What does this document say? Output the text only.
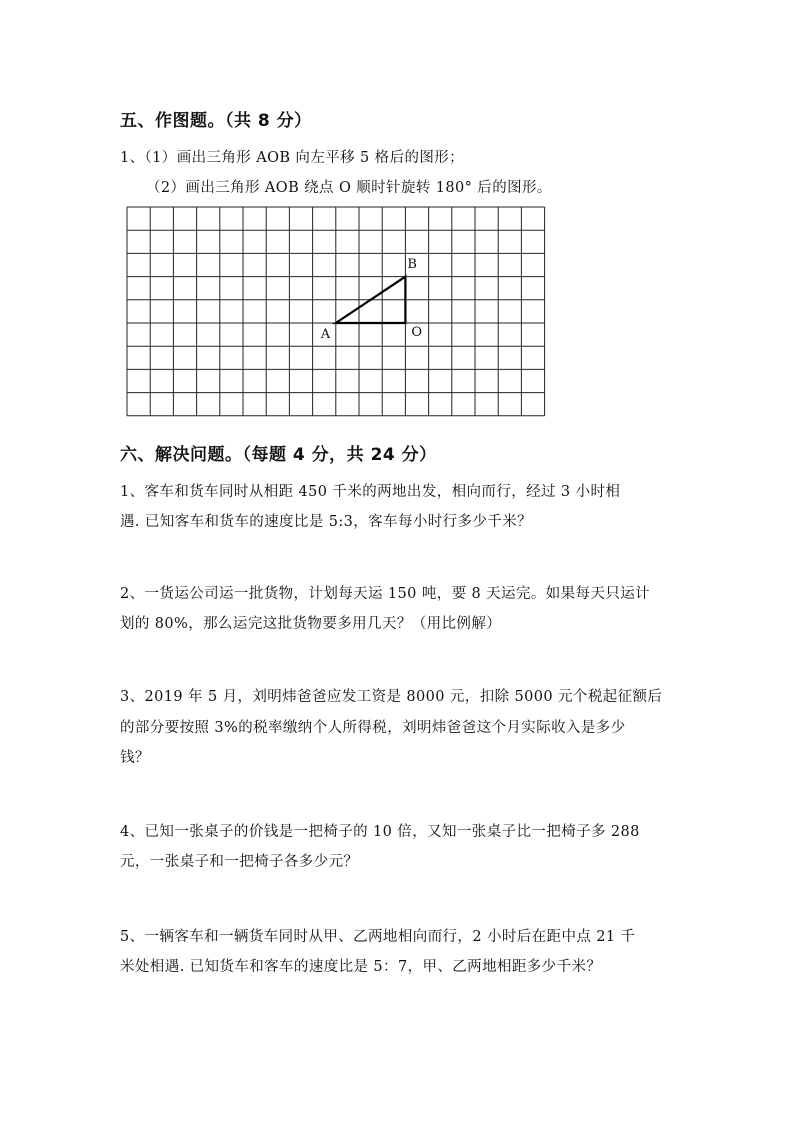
五、作图题。（共 8 分）
1、（1）画出三角形 AOB 向左平移 5 格后的图形；
（2）画出三角形 AOB 绕点 O 顺时针旋转 180° 后的图形。
A	O
B
六、解决问题。（每题 4 分，共 24 分）
1、客车和货车同时从相距 450 千米的两地出发，相向而行，经过 3 小时相
遇. 已知客车和货车的速度比是 5:3，客车每小时行多少千米？
2、一货运公司运一批货物，计划每天运 150 吨，要 8 天运完。如果每天只运计
划的 80%，那么运完这批货物要多用几天？（用比例解）
3、2019 年 5 月，刘明炜爸爸应发工资是 8000 元，扣除 5000 元个税起征额后
的部分要按照 3%的税率缴纳个人所得税，刘明炜爸爸这个月实际收入是多少
钱？
4、已知一张桌子的价钱是一把椅子的 10 倍，又知一张桌子比一把椅子多 288
元，一张桌子和一把椅子各多少元？
5、一辆客车和一辆货车同时从甲、乙两地相向而行，2 小时后在距中点 21 千
米处相遇. 已知货车和客车的速度比是 5：7，甲、乙两地相距多少千米？
